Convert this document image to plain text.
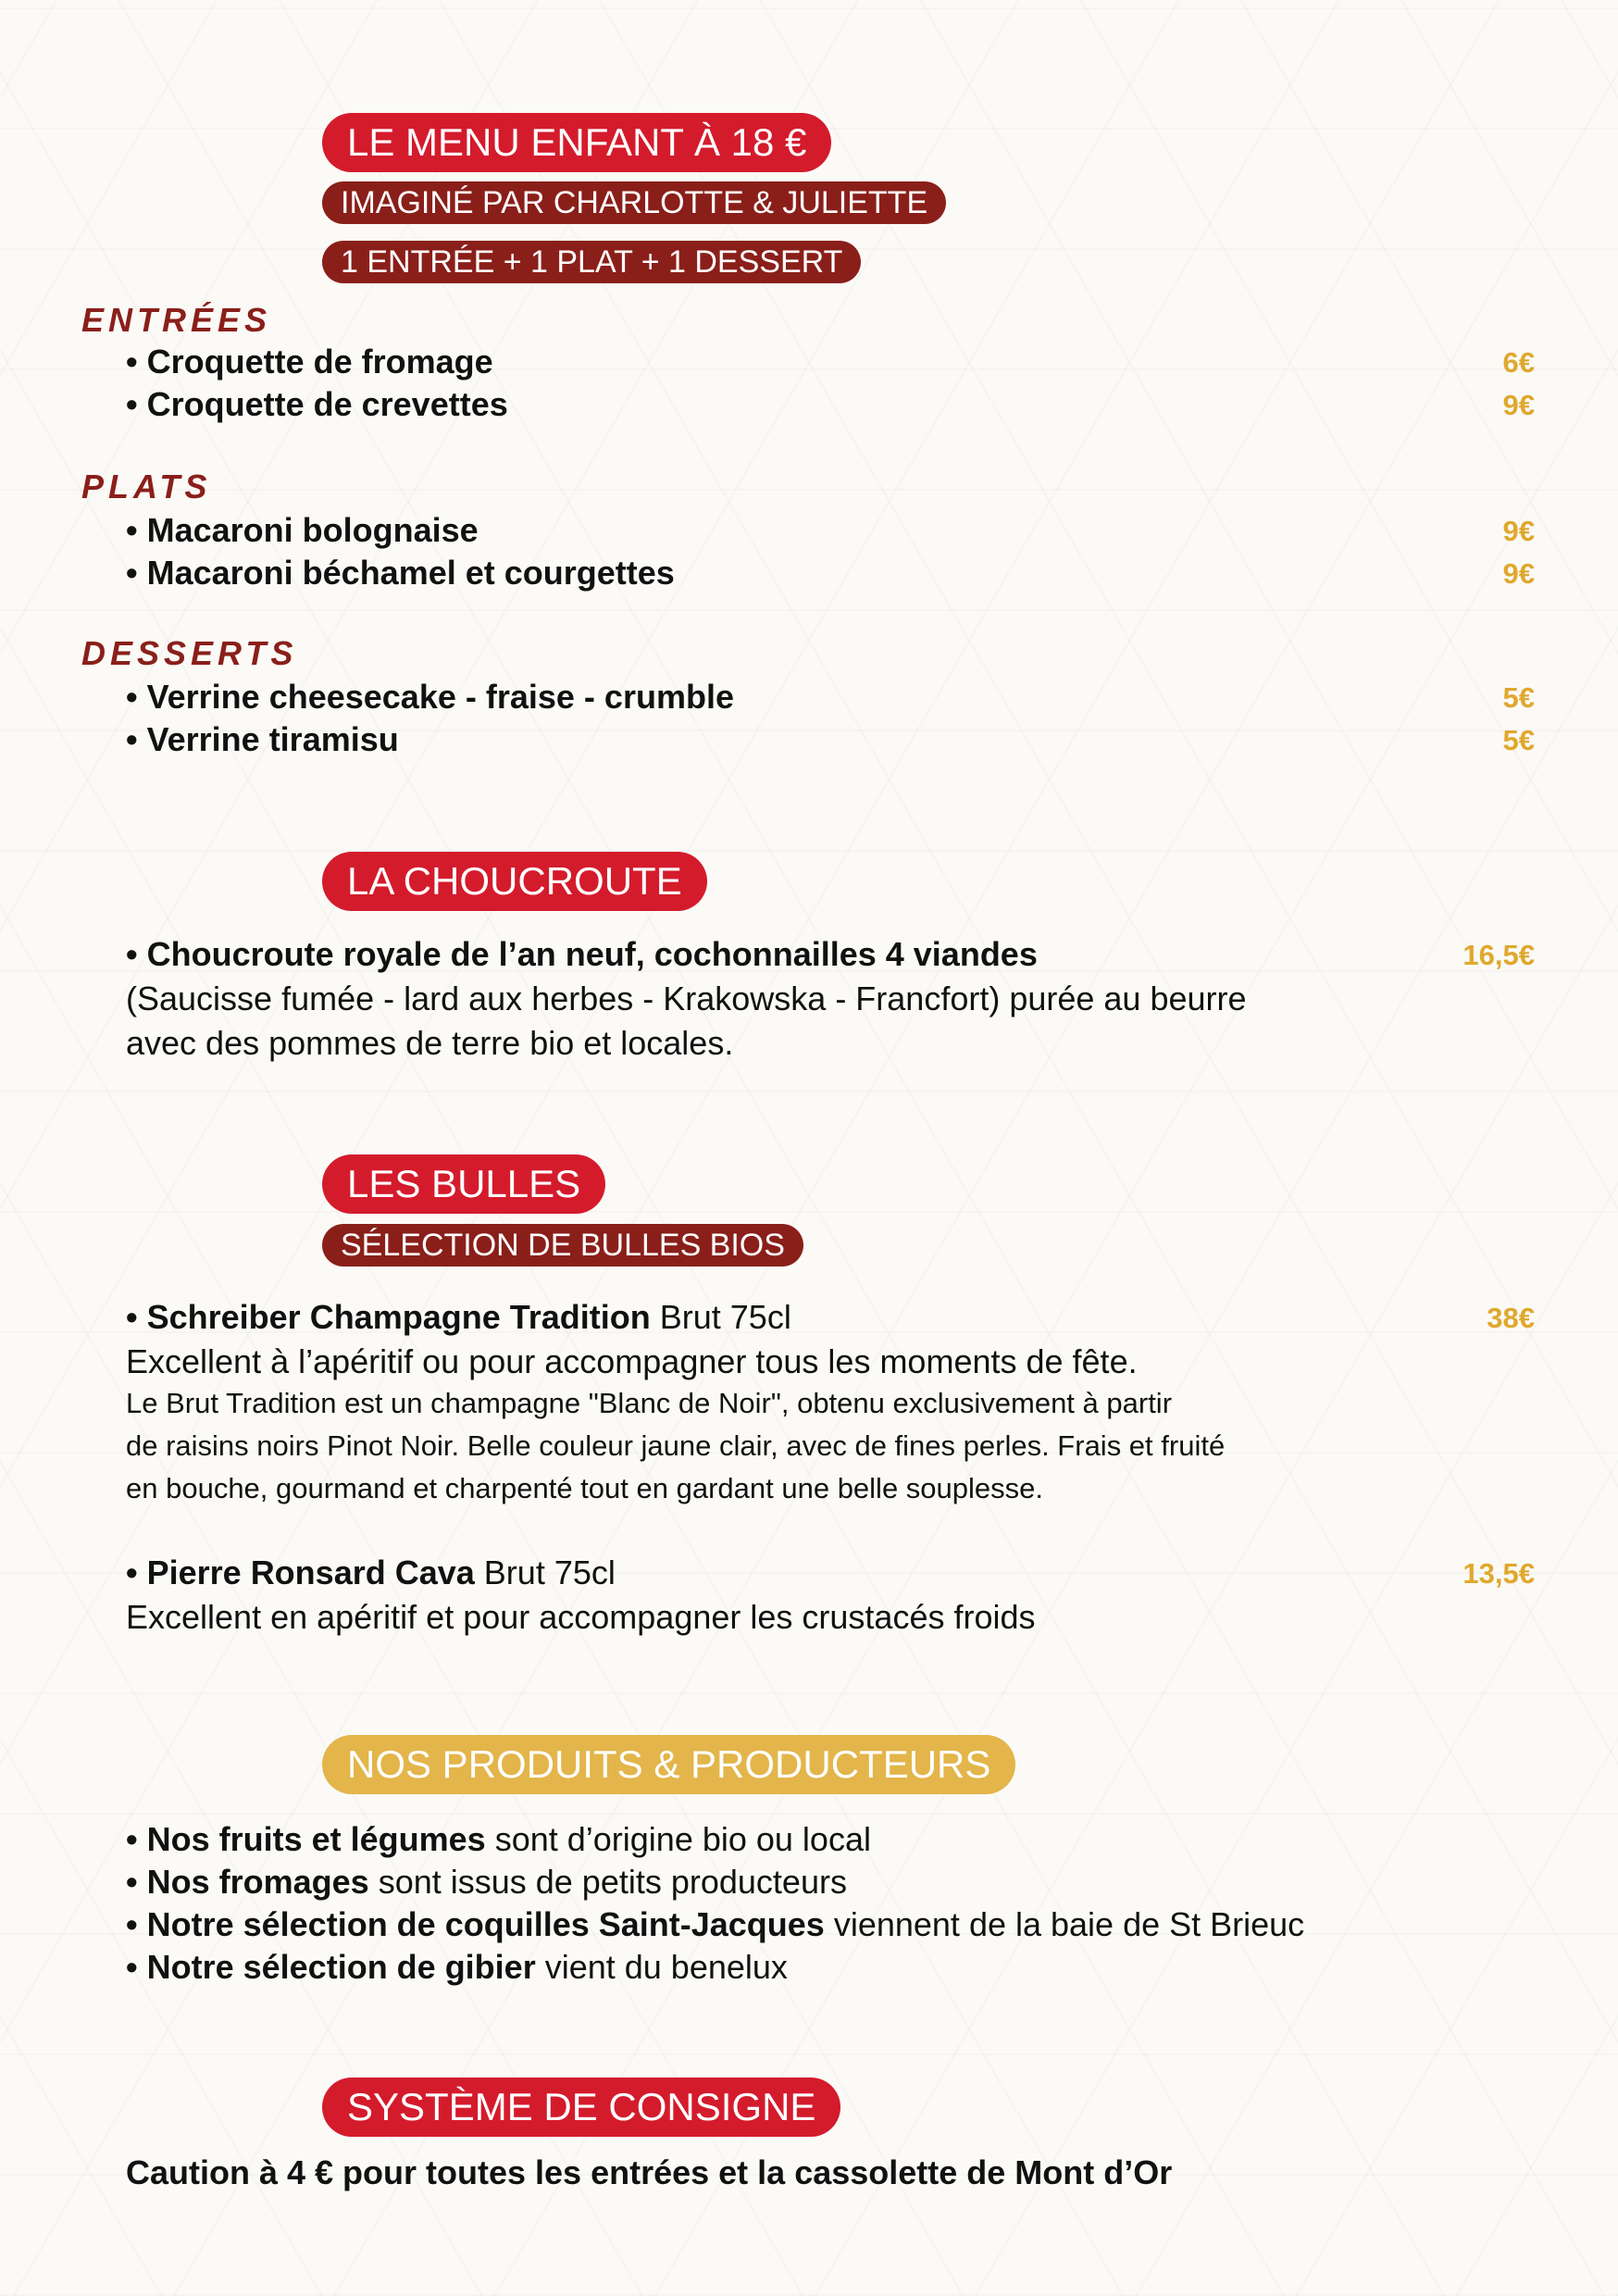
LE MENU ENFANT À 18 €
IMAGINÉ PAR CHARLOTTE & JULIETTE
1 ENTRÉE + 1 PLAT + 1 DESSERT
ENTRÉES
• Croquette de fromage	6€
• Croquette de crevettes	9€
PLATS
• Macaroni bolognaise	9€
• Macaroni béchamel et courgettes	9€
DESSERTS
• Verrine cheesecake - fraise - crumble	5€
• Verrine tiramisu	5€
LA CHOUCROUTE
• Choucroute royale de l’an neuf, cochonnailles 4 viandes	16,5€
(Saucisse fumée - lard aux herbes - Krakowska - Francfort) purée au beurre
avec des pommes de terre bio et locales.
LES BULLES
SÉLECTION DE BULLES BIOS
• Schreiber Champagne Tradition Brut 75cl	38€
Excellent à l’apéritif ou pour accompagner tous les moments de fête.
Le Brut Tradition est un champagne "Blanc de Noir", obtenu exclusivement à partir
de raisins noirs Pinot Noir. Belle couleur jaune clair, avec de fines perles. Frais et fruité
en bouche, gourmand et charpenté tout en gardant une belle souplesse.
• Pierre Ronsard Cava Brut 75cl	13,5€
Excellent en apéritif et pour accompagner les crustacés froids
NOS PRODUITS & PRODUCTEURS
• Nos fruits et légumes sont d’origine bio ou local
• Nos fromages sont issus de petits producteurs
• Notre sélection de coquilles Saint-Jacques viennent de la baie de St Brieuc
• Notre sélection de gibier vient du benelux
SYSTÈME DE CONSIGNE
Caution à 4 € pour toutes les entrées et la cassolette de Mont d’Or
